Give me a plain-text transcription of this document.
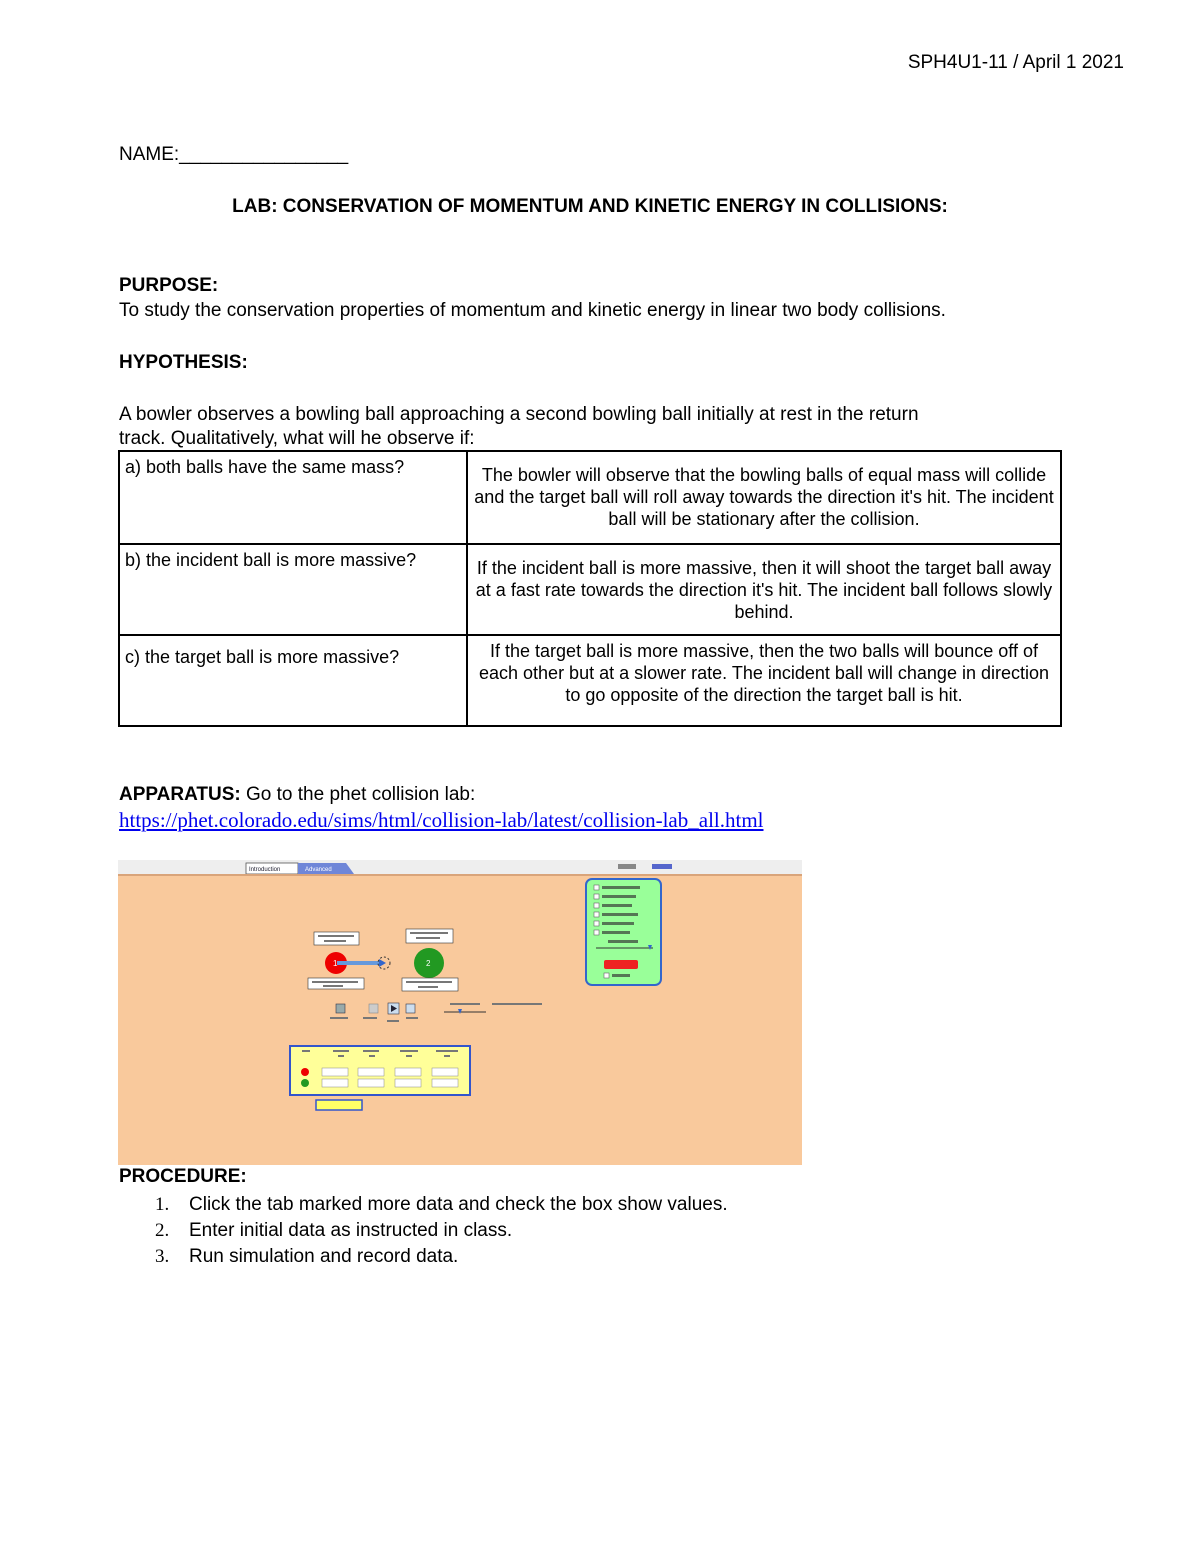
SPH4U1-11 / April 1 2021
NAME:________________
LAB: CONSERVATION OF MOMENTUM AND KINETIC ENERGY IN COLLISIONS:
PURPOSE:
To study the conservation properties of momentum and kinetic energy in linear two body collisions.
HYPOTHESIS:
A bowler observes a bowling ball approaching a second bowling ball initially at rest in the return
track. Qualitatively, what will he observe if:
a) both balls have the same mass?	The bowler will observe that the bowling balls of equal mass will collide and the target ball will roll away towards the direction it's hit. The incident ball will be stationary after the collision.
b) the incident ball is more massive?	If the incident ball is more massive, then it will shoot the target ball away at a fast rate towards the direction it's hit. The incident ball follows slowly behind.
c) the target ball is more massive?	If the target ball is more massive, then the two balls will bounce off of each other but at a slower rate. The incident ball will change in direction to go opposite of the direction the target ball is hit.
APPARATUS: Go to the phet collision lab:
https://phet.colorado.edu/sims/html/collision-lab/latest/collision-lab_all.html
Introduction	Advanced
1	2
PROCEDURE:
1. Click the tab marked more data and check the box show values.
2. Enter initial data as instructed in class.
3. Run simulation and record data.
